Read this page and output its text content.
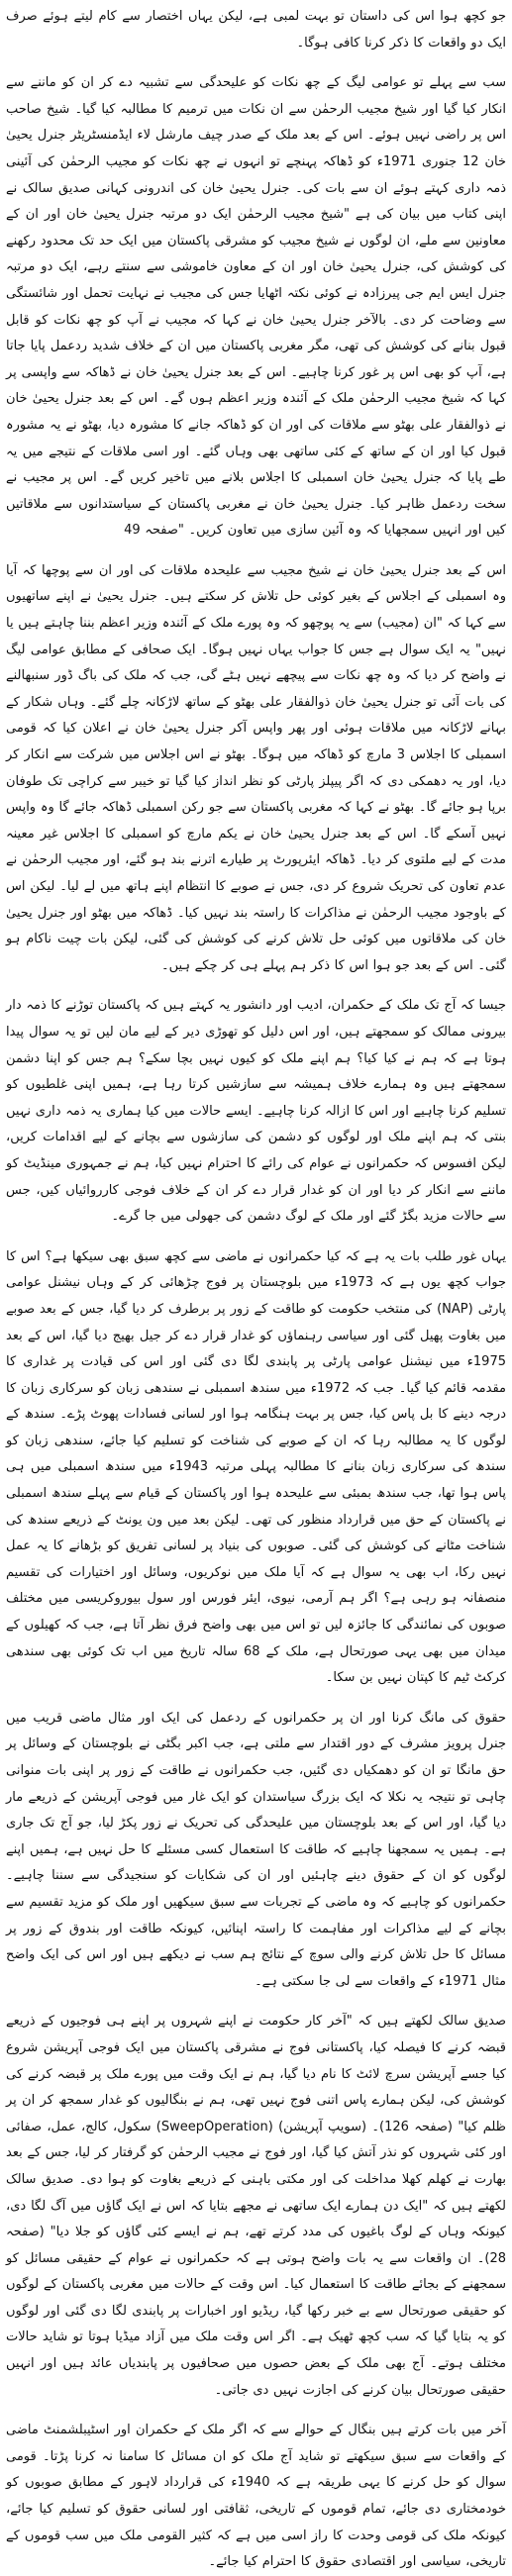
جو کچھ ہوا اس کی داستان تو بہت لمبی ہے، لیکن یہاں اختصار سے کام لیتے ہوئے صرف ایک دو واقعات کا ذکر کرنا کافی ہوگا۔

سب سے پہلے تو عوامی لیگ کے چھ نکات کو علیحدگی سے تشبیہ دے کر ان کو ماننے سے انکار کیا گیا اور شیخ مجیب الرحمٰن سے ان نکات میں ترمیم کا مطالبہ کیا گیا۔ شیخ صاحب اس پر راضی نہیں ہوئے۔ اس کے بعد ملک کے صدر چیف مارشل لاء ایڈمنسٹریٹر جنرل یحییٰ خان 12 جنوری 1971ء کو ڈھاکہ پہنچے تو انہوں نے چھ نکات کو مجیب الرحمٰن کی آئینی ذمہ داری کہتے ہوئے ان سے بات کی۔ جنرل یحییٰ خان کی اندرونی کہانی صدیق سالک نے اپنی کتاب میں بیان کی ہے "شیخ مجیب الرحمٰن ایک دو مرتبہ جنرل یحییٰ خان اور ان کے معاونین سے ملے، ان لوگوں نے شیخ مجیب کو مشرقی پاکستان میں ایک حد تک محدود رکھنے کی کوشش کی، جنرل یحییٰ خان اور ان کے معاون خاموشی سے سنتے رہے، ایک دو مرتبہ جنرل ایس ایم جی پیرزادہ نے کوئی نکتہ اٹھایا جس کی مجیب نے نہایت تحمل اور شائستگی سے وضاحت کر دی۔ بالآخر جنرل یحییٰ خان نے کہا کہ مجیب نے آپ کو چھ نکات کو قابل قبول بنانے کی کوشش کی تھی، مگر مغربی پاکستان میں ان کے خلاف شدید ردعمل پایا جاتا ہے، آپ کو بھی اس پر غور کرنا چاہیے۔ اس کے بعد جنرل یحییٰ خان نے ڈھاکہ سے واپسی پر کہا کہ شیخ مجیب الرحمٰن ملک کے آئندہ وزیر اعظم ہوں گے۔ اس کے بعد جنرل یحییٰ خان نے ذوالفقار علی بھٹو سے ملاقات کی اور ان کو ڈھاکہ جانے کا مشورہ دیا، بھٹو نے یہ مشورہ قبول کیا اور ان کے ساتھ کے کئی ساتھی بھی وہاں گئے۔ اور اسی ملاقات کے نتیجے میں یہ طے پایا کہ جنرل یحییٰ خان اسمبلی کا اجلاس بلانے میں تاخیر کریں گے۔ اس پر مجیب نے سخت ردعمل ظاہر کیا۔ جنرل یحییٰ خان نے مغربی پاکستان کے سیاستدانوں سے ملاقاتیں کیں اور انہیں سمجھایا کہ وہ آئین سازی میں تعاون کریں۔ "صفحہ 49

اس کے بعد جنرل یحییٰ خان نے شیخ مجیب سے علیحدہ ملاقات کی اور ان سے پوچھا کہ آیا وہ اسمبلی کے اجلاس کے بغیر کوئی حل تلاش کر سکتے ہیں۔ جنرل یحییٰ نے اپنے ساتھیوں سے کہا کہ "ان (مجیب) سے یہ پوچھو کہ وہ پورے ملک کے آئندہ وزیر اعظم بننا چاہتے ہیں یا نہیں" یہ ایک سوال ہے جس کا جواب یہاں نہیں ہوگا۔ ایک صحافی کے مطابق عوامی لیگ نے واضح کر دیا کہ وہ چھ نکات سے پیچھے نہیں ہٹے گی، جب کہ ملک کی باگ ڈور سنبھالنے کی بات آئی تو جنرل یحییٰ خان ذوالفقار علی بھٹو کے ساتھ لاڑکانہ چلے گئے۔ وہاں شکار کے بہانے لاڑکانہ میں ملاقات ہوئی اور پھر واپس آکر جنرل یحییٰ خان نے اعلان کیا کہ قومی اسمبلی کا اجلاس 3 مارچ کو ڈھاکہ میں ہوگا۔ بھٹو نے اس اجلاس میں شرکت سے انکار کر دیا، اور یہ دھمکی دی کہ اگر پیپلز پارٹی کو نظر انداز کیا گیا تو خیبر سے کراچی تک طوفان برپا ہو جائے گا۔ بھٹو نے کہا کہ مغربی پاکستان سے جو رکن اسمبلی ڈھاکہ جائے گا وہ واپس نہیں آسکے گا۔ اس کے بعد جنرل یحییٰ خان نے یکم مارچ کو اسمبلی کا اجلاس غیر معینہ مدت کے لیے ملتوی کر دیا۔ ڈھاکہ ایئرپورٹ پر طیارے اترنے بند ہو گئے، اور مجیب الرحمٰن نے عدم تعاون کی تحریک شروع کر دی، جس نے صوبے کا انتظام اپنے ہاتھ میں لے لیا۔ لیکن اس کے باوجود مجیب الرحمٰن نے مذاکرات کا راستہ بند نہیں کیا۔ ڈھاکہ میں بھٹو اور جنرل یحییٰ خان کی ملاقاتوں میں کوئی حل تلاش کرنے کی کوشش کی گئی، لیکن بات چیت ناکام ہو گئی۔ اس کے بعد جو ہوا اس کا ذکر ہم پہلے ہی کر چکے ہیں۔

جیسا کہ آج تک ملک کے حکمران، ادیب اور دانشور یہ کہتے ہیں کہ پاکستان توڑنے کا ذمہ دار بیرونی ممالک کو سمجھتے ہیں، اور اس دلیل کو تھوڑی دیر کے لیے مان لیں تو یہ سوال پیدا ہوتا ہے کہ ہم نے کیا کیا؟ ہم اپنے ملک کو کیوں نہیں بچا سکے؟ ہم جس کو اپنا دشمن سمجھتے ہیں وہ ہمارے خلاف ہمیشہ سے سازشیں کرتا رہا ہے، ہمیں اپنی غلطیوں کو تسلیم کرنا چاہیے اور اس کا ازالہ کرنا چاہیے۔ ایسے حالات میں کیا ہماری یہ ذمہ داری نہیں بنتی کہ ہم اپنے ملک اور لوگوں کو دشمن کی سازشوں سے بچانے کے لیے اقدامات کریں، لیکن افسوس کہ حکمرانوں نے عوام کی رائے کا احترام نہیں کیا، ہم نے جمہوری مینڈیٹ کو ماننے سے انکار کر دیا اور ان کو غدار قرار دے کر ان کے خلاف فوجی کارروائیاں کیں، جس سے حالات مزید بگڑ گئے اور ملک کے لوگ دشمن کی جھولی میں جا گرے۔

یہاں غور طلب بات یہ ہے کہ کیا حکمرانوں نے ماضی سے کچھ سبق بھی سیکھا ہے؟ اس کا جواب کچھ یوں ہے کہ 1973ء میں بلوچستان پر فوج چڑھائی کر کے وہاں نیشنل عوامی پارٹی (NAP) کی منتخب حکومت کو طاقت کے زور پر برطرف کر دیا گیا، جس کے بعد صوبے میں بغاوت پھیل گئی اور سیاسی رہنماؤں کو غدار قرار دے کر جیل بھیج دیا گیا، اس کے بعد 1975ء میں نیشنل عوامی پارٹی پر پابندی لگا دی گئی اور اس کی قیادت پر غداری کا مقدمہ قائم کیا گیا۔ جب کہ 1972ء میں سندھ اسمبلی نے سندھی زبان کو سرکاری زبان کا درجہ دینے کا بل پاس کیا، جس پر بہت ہنگامہ ہوا اور لسانی فسادات پھوٹ پڑے۔ سندھ کے لوگوں کا یہ مطالبہ رہا کہ ان کے صوبے کی شناخت کو تسلیم کیا جائے، سندھی زبان کو سندھ کی سرکاری زبان بنانے کا مطالبہ پہلی مرتبہ 1943ء میں سندھ اسمبلی میں ہی پاس ہوا تھا، جب سندھ بمبئی سے علیحدہ ہوا اور پاکستان کے قیام سے پہلے سندھ اسمبلی نے پاکستان کے حق میں قرارداد منظور کی تھی۔ لیکن بعد میں ون یونٹ کے ذریعے سندھ کی شناخت مٹانے کی کوشش کی گئی۔ صوبوں کی بنیاد پر لسانی تفریق کو بڑھانے کا یہ عمل نہیں رکا، اب بھی یہ سوال ہے کہ آیا ملک میں نوکریوں، وسائل اور اختیارات کی تقسیم منصفانہ ہو رہی ہے؟ اگر ہم آرمی، نیوی، ایئر فورس اور سول بیوروکریسی میں مختلف صوبوں کی نمائندگی کا جائزہ لیں تو اس میں بھی واضح فرق نظر آتا ہے، جب کہ کھیلوں کے میدان میں بھی یہی صورتحال ہے، ملک کے 68 سالہ تاریخ میں اب تک کوئی بھی سندھی کرکٹ ٹیم کا کپتان نہیں بن سکا۔

حقوق کی مانگ کرنا اور ان پر حکمرانوں کے ردعمل کی ایک اور مثال ماضی قریب میں جنرل پرویز مشرف کے دور اقتدار سے ملتی ہے، جب اکبر بگٹی نے بلوچستان کے وسائل پر حق مانگا تو ان کو دھمکیاں دی گئیں، جب حکمرانوں نے طاقت کے زور پر اپنی بات منوانی چاہی تو نتیجہ یہ نکلا کہ ایک بزرگ سیاستدان کو ایک غار میں فوجی آپریشن کے ذریعے مار دیا گیا، اور اس کے بعد بلوچستان میں علیحدگی کی تحریک نے زور پکڑ لیا، جو آج تک جاری ہے۔ ہمیں یہ سمجھنا چاہیے کہ طاقت کا استعمال کسی مسئلے کا حل نہیں ہے، ہمیں اپنے لوگوں کو ان کے حقوق دینے چاہئیں اور ان کی شکایات کو سنجیدگی سے سننا چاہیے۔ حکمرانوں کو چاہیے کہ وہ ماضی کے تجربات سے سبق سیکھیں اور ملک کو مزید تقسیم سے بچانے کے لیے مذاکرات اور مفاہمت کا راستہ اپنائیں، کیونکہ طاقت اور بندوق کے زور پر مسائل کا حل تلاش کرنے والی سوچ کے نتائج ہم سب نے دیکھے ہیں اور اس کی ایک واضح مثال 1971ء کے واقعات سے لی جا سکتی ہے۔

صدیق سالک لکھتے ہیں کہ "آخر کار حکومت نے اپنے شہروں پر اپنے ہی فوجیوں کے ذریعے قبضہ کرنے کا فیصلہ کیا، پاکستانی فوج نے مشرقی پاکستان میں ایک فوجی آپریشن شروع کیا جسے آپریشن سرچ لائٹ کا نام دیا گیا، ہم نے ایک وقت میں پورے ملک پر قبضہ کرنے کی کوشش کی، لیکن ہمارے پاس اتنی فوج نہیں تھی، ہم نے بنگالیوں کو غدار سمجھ کر ان پر ظلم کیا" (صفحہ 126)۔ (سویپ آپریشن) (SweepOperation) سکول، کالج، عمل، صفائی اور کئی شہروں کو نذر آتش کیا گیا، اور فوج نے مجیب الرحمٰن کو گرفتار کر لیا، جس کے بعد بھارت نے کھلم کھلا مداخلت کی اور مکتی باہنی کے ذریعے بغاوت کو ہوا دی۔ صدیق سالک لکھتے ہیں کہ "ایک دن ہمارے ایک ساتھی نے مجھے بتایا کہ اس نے ایک گاؤں میں آگ لگا دی، کیونکہ وہاں کے لوگ باغیوں کی مدد کرتے تھے، ہم نے ایسے کئی گاؤں کو جلا دیا" (صفحہ 28)۔ ان واقعات سے یہ بات واضح ہوتی ہے کہ حکمرانوں نے عوام کے حقیقی مسائل کو سمجھنے کے بجائے طاقت کا استعمال کیا۔ اس وقت کے حالات میں مغربی پاکستان کے لوگوں کو حقیقی صورتحال سے بے خبر رکھا گیا، ریڈیو اور اخبارات پر پابندی لگا دی گئی اور لوگوں کو یہ بتایا گیا کہ سب کچھ ٹھیک ہے۔ اگر اس وقت ملک میں آزاد میڈیا ہوتا تو شاید حالات مختلف ہوتے۔ آج بھی ملک کے بعض حصوں میں صحافیوں پر پابندیاں عائد ہیں اور انہیں حقیقی صورتحال بیان کرنے کی اجازت نہیں دی جاتی۔

آخر میں بات کرتے ہیں بنگال کے حوالے سے کہ اگر ملک کے حکمران اور اسٹیبلشمنٹ ماضی کے واقعات سے سبق سیکھتے تو شاید آج ملک کو ان مسائل کا سامنا نہ کرنا پڑتا۔ قومی سوال کو حل کرنے کا یہی طریقہ ہے کہ 1940ء کی قرارداد لاہور کے مطابق صوبوں کو خودمختاری دی جائے، تمام قوموں کے تاریخی، ثقافتی اور لسانی حقوق کو تسلیم کیا جائے، کیونکہ ملک کی قومی وحدت کا راز اسی میں ہے کہ کثیر القومی ملک میں سب قوموں کے تاریخی، سیاسی اور اقتصادی حقوق کا احترام کیا جائے۔
